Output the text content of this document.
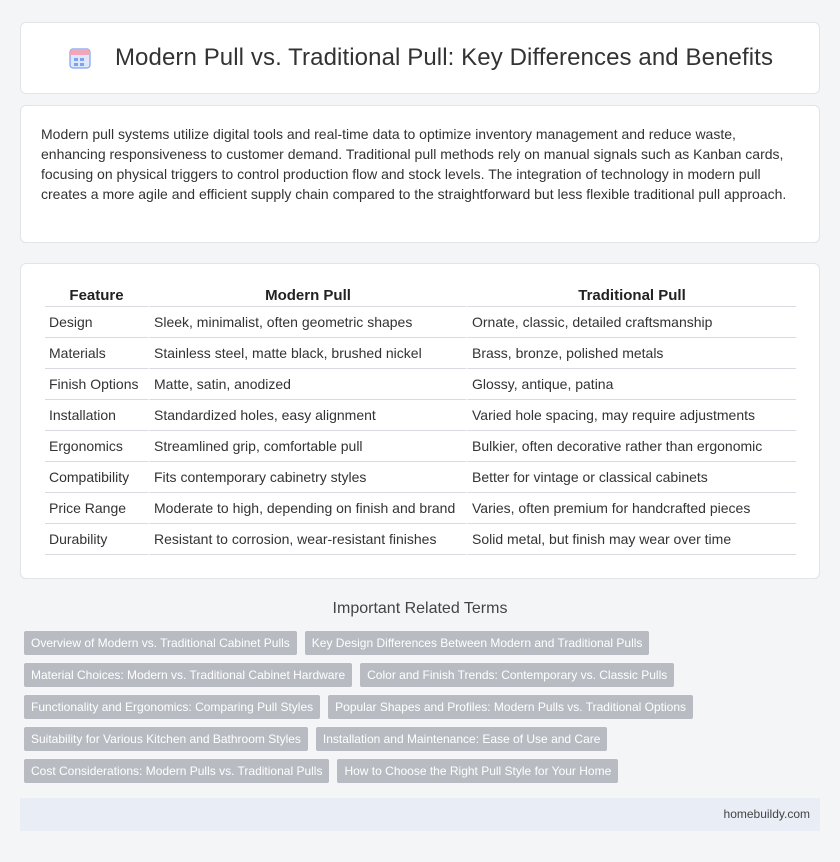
Modern Pull vs. Traditional Pull: Key Differences and Benefits

Modern pull systems utilize digital tools and real-time data to optimize inventory management and reduce waste, enhancing responsiveness to customer demand. Traditional pull methods rely on manual signals such as Kanban cards, focusing on physical triggers to control production flow and stock levels. The integration of technology in modern pull creates a more agile and efficient supply chain compared to the straightforward but less flexible traditional pull approach.

Feature	Modern Pull	Traditional Pull
Design	Sleek, minimalist, often geometric shapes	Ornate, classic, detailed craftsmanship
Materials	Stainless steel, matte black, brushed nickel	Brass, bronze, polished metals
Finish Options	Matte, satin, anodized	Glossy, antique, patina
Installation	Standardized holes, easy alignment	Varied hole spacing, may require adjustments
Ergonomics	Streamlined grip, comfortable pull	Bulkier, often decorative rather than ergonomic
Compatibility	Fits contemporary cabinetry styles	Better for vintage or classical cabinets
Price Range	Moderate to high, depending on finish and brand	Varies, often premium for handcrafted pieces
Durability	Resistant to corrosion, wear-resistant finishes	Solid metal, but finish may wear over time
Important Related Terms
Overview of Modern vs. Traditional Cabinet Pulls	Key Design Differences Between Modern and Traditional Pulls
Material Choices: Modern vs. Traditional Cabinet Hardware	Color and Finish Trends: Contemporary vs. Classic Pulls
Functionality and Ergonomics: Comparing Pull Styles	Popular Shapes and Profiles: Modern Pulls vs. Traditional Options
Suitability for Various Kitchen and Bathroom Styles	Installation and Maintenance: Ease of Use and Care
Cost Considerations: Modern Pulls vs. Traditional Pulls	How to Choose the Right Pull Style for Your Home
homebuildy.com
